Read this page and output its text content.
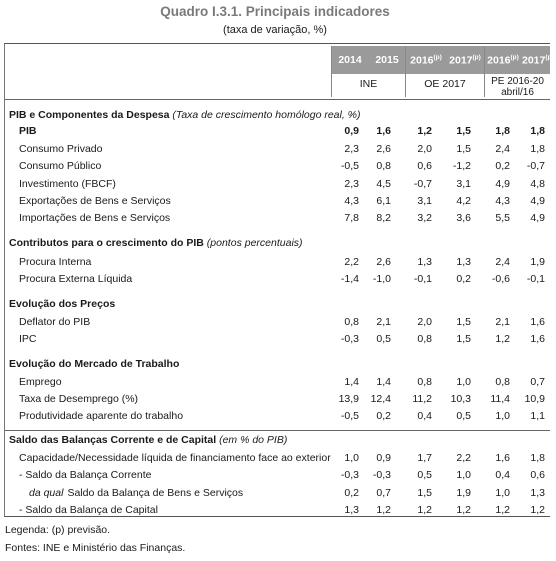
Quadro I.3.1. Principais indicadores
(taxa de variação, %)
2014	2015	2016$^{(p)}$ 2017$^{(p)}$ 2016$^{(p)}$ 2017$^{(p)}$
INE	OE 2017	PE 2016-20
abril/16
PIB e Componentes da Despesa (Taxa de crescimento homólogo real, %)
PIB	0,9	1,6	1,2	1,5	1,8	1,8
Consumo Privado	2,3	2,6	2,0	1,5	2,4	1,8
Consumo Público	-0,5	0,8	0,6	-1,2	0,2	-0,7
Investimento (FBCF)	2,3	4,5	-0,7	3,1	4,9	4,8
Exportações de Bens e Serviços	4,3	6,1	3,1	4,2	4,3	4,9
Importações de Bens e Serviços	7,8	8,2	3,2	3,6	5,5	4,9
Contributos para o crescimento do PIB (pontos percentuais)
Procura Interna	2,2	2,6	1,3	1,3	2,4	1,9
Procura Externa Líquida	-1,4	-1,0	-0,1	0,2	-0,6	-0,1
Evolução dos Preços
Deflator do PIB	0,8	2,1	2,0	1,5	2,1	1,6
IPC	-0,3	0,5	0,8	1,5	1,2	1,6
Evolução do Mercado de Trabalho
Emprego	1,4	1,4	0,8	1,0	0,8	0,7
Taxa de Desemprego (%)	13,9	12,4	11,2	10,3	11,4	10,9
Produtividade aparente do trabalho	-0,5	0,2	0,4	0,5	1,0	1,1
Saldo das Balanças Corrente e de Capital (em % do PIB)
Capacidade/Necessidade líquida de financiamento face ao exterior	1,0	0,9	1,7	2,2	1,6	1,8
- Saldo da Balança Corrente	-0,3	-0,3	0,5	1,0	0,4	0,6
da qual Saldo da Balança de Bens e Serviços	0,2	0,7	1,5	1,9	1,0	1,3
- Saldo da Balança de Capital	1,3	1,2	1,2	1,2	1,2	1,2
Legenda: (p) previsão.
Fontes: INE e Ministério das Finanças.
